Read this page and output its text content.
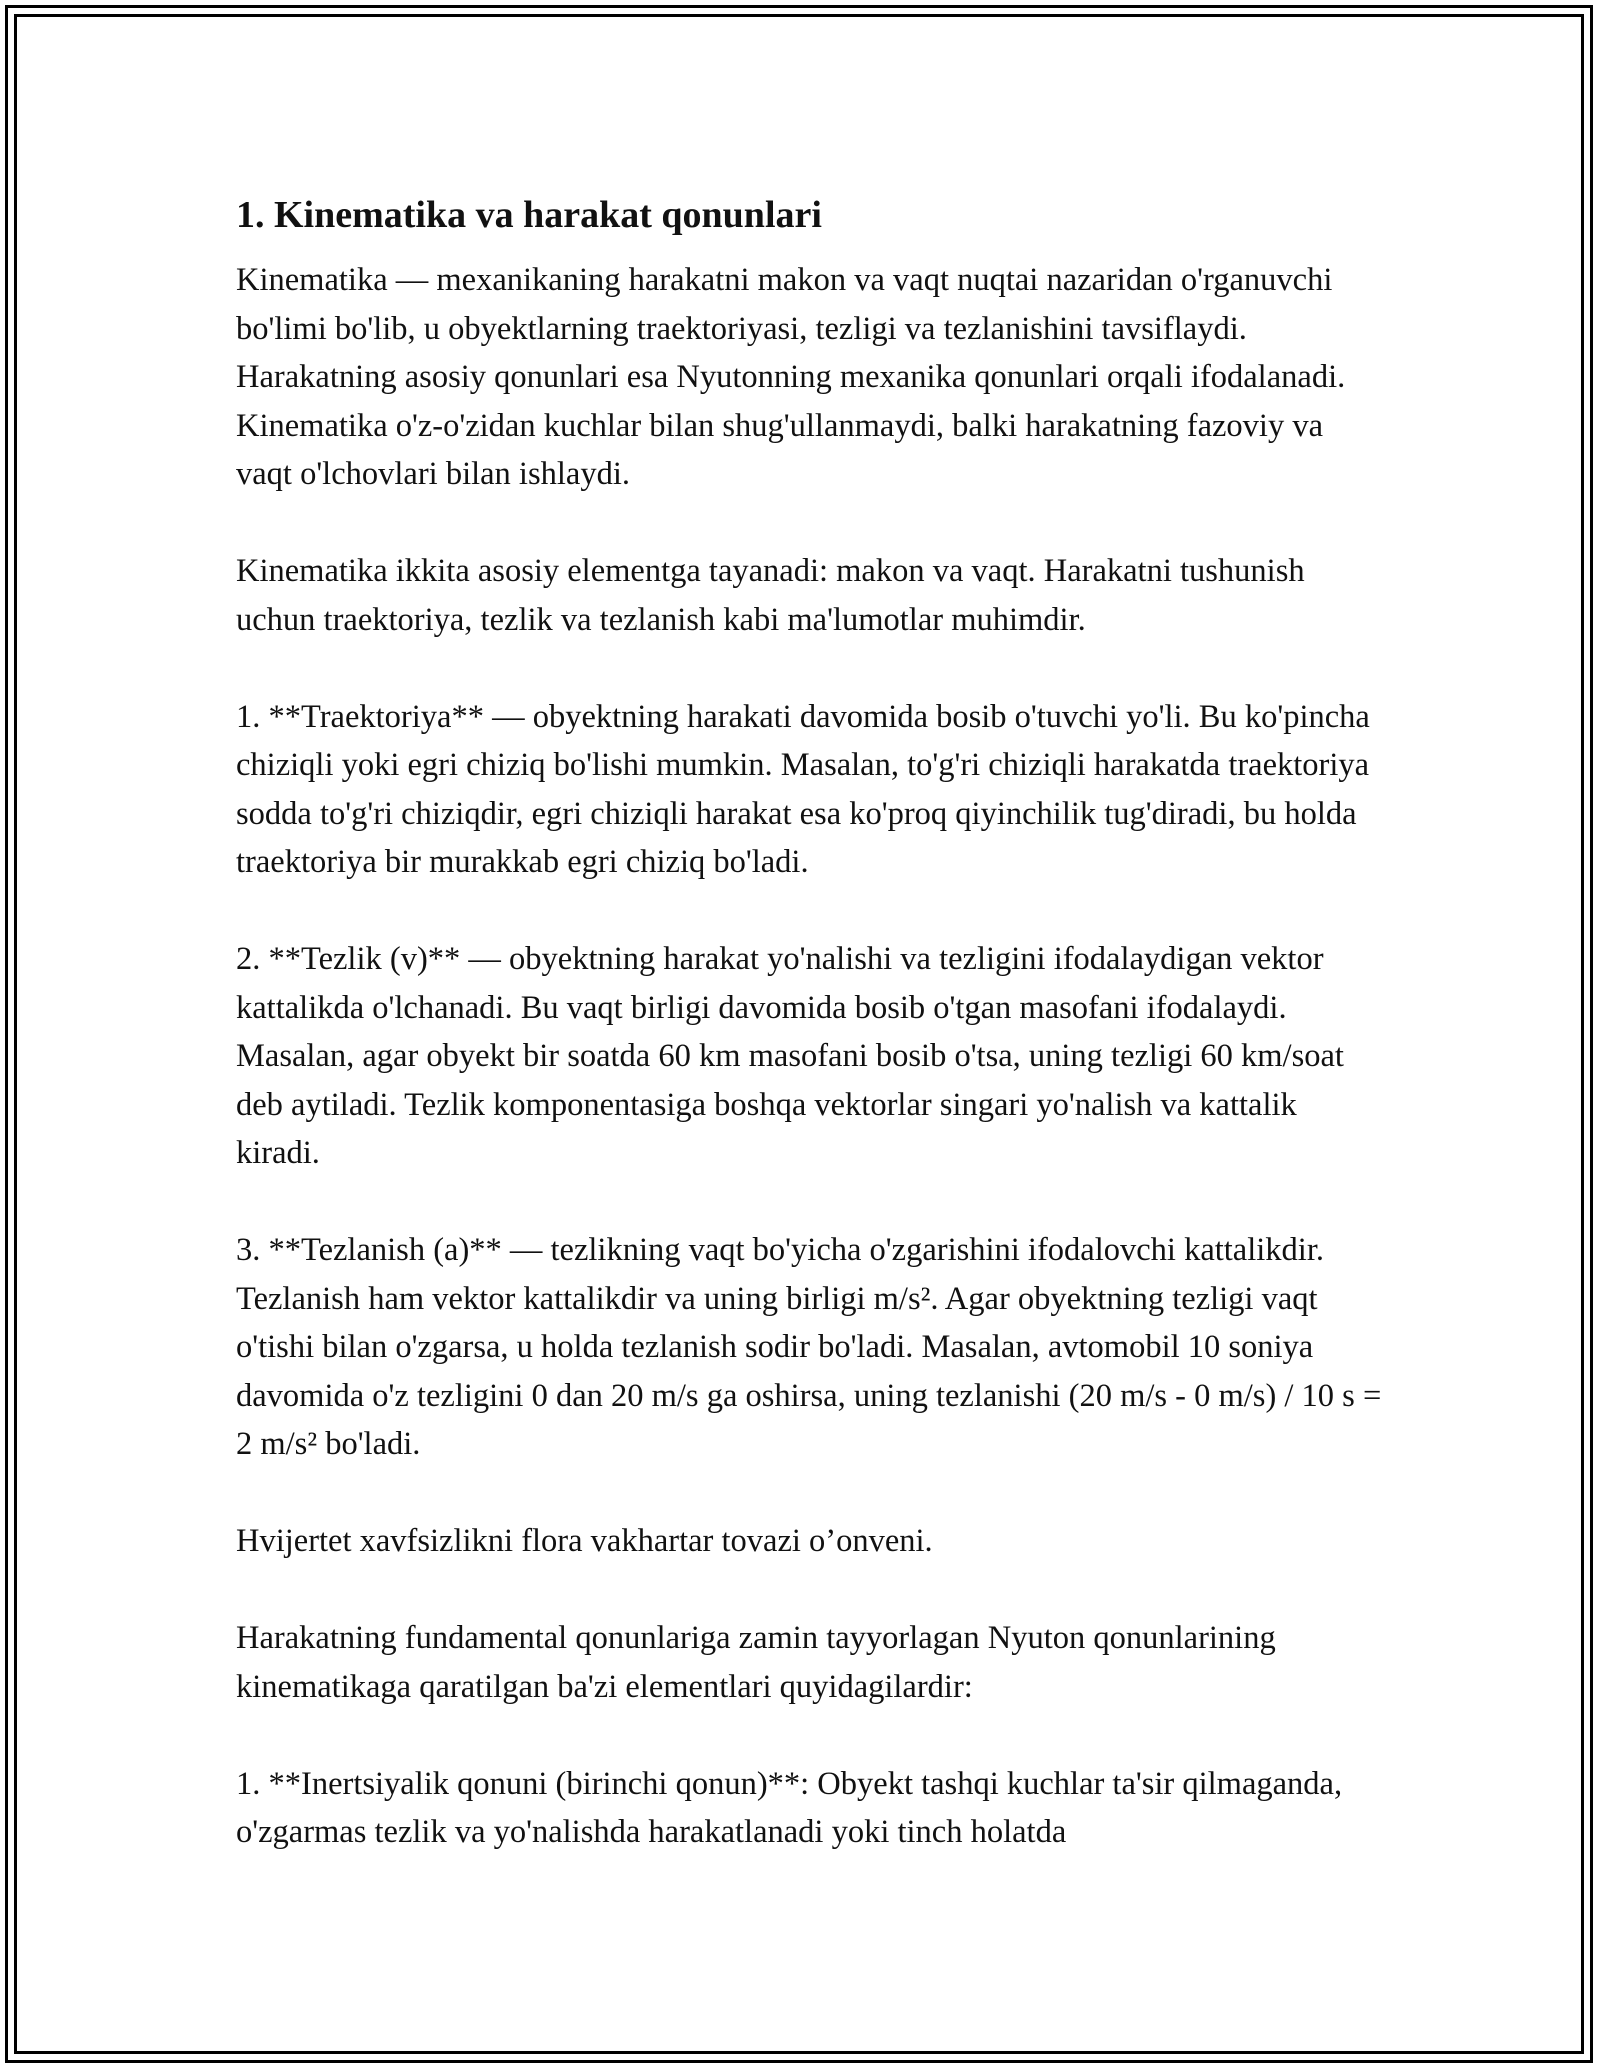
1. Kinematika va harakat qonunlari

Kinematika — mexanikaning harakatni makon va vaqt nuqtai nazaridan o'rganuvchi bo'limi bo'lib, u obyektlarning traektoriyasi, tezligi va tezlanishini tavsiflaydi. Harakatning asosiy qonunlari esa Nyutonning mexanika qonunlari orqali ifodalanadi. Kinematika o'z-o'zidan kuchlar bilan shug'ullanmaydi, balki harakatning fazoviy va vaqt o'lchovlari bilan ishlaydi.

Kinematika ikkita asosiy elementga tayanadi: makon va vaqt. Harakatni tushunish uchun traektoriya, tezlik va tezlanish kabi ma'lumotlar muhimdir.

1. **Traektoriya** — obyektning harakati davomida bosib o'tuvchi yo'li. Bu ko'pincha chiziqli yoki egri chiziq bo'lishi mumkin. Masalan, to'g'ri chiziqli harakatda traektoriya sodda to'g'ri chiziqdir, egri chiziqli harakat esa ko'proq qiyinchilik tug'diradi, bu holda traektoriya bir murakkab egri chiziq bo'ladi.

2. **Tezlik (v)** — obyektning harakat yo'nalishi va tezligini ifodalaydigan vektor kattalikda o'lchanadi. Bu vaqt birligi davomida bosib o'tgan masofani ifodalaydi. Masalan, agar obyekt bir soatda 60 km masofani bosib o'tsa, uning tezligi 60 km/soat deb aytiladi. Tezlik komponentasiga boshqa vektorlar singari yo'nalish va kattalik kiradi.

3. **Tezlanish (a)** — tezlikning vaqt bo'yicha o'zgarishini ifodalovchi kattalikdir. Tezlanish ham vektor kattalikdir va uning birligi m/s². Agar obyektning tezligi vaqt o'tishi bilan o'zgarsa, u holda tezlanish sodir bo'ladi. Masalan, avtomobil 10 soniya davomida o'z tezligini 0 dan 20 m/s ga oshirsa, uning tezlanishi (20 m/s - 0 m/s) / 10 s = 2 m/s² bo'ladi.

Hvijertet xavfsizlikni flora vakhartar tovazi o’onveni.

Harakatning fundamental qonunlariga zamin tayyorlagan Nyuton qonunlarining kinematikaga qaratilgan ba'zi elementlari quyidagilardir:

1. **Inertsiyalik qonuni (birinchi qonun)**: Obyekt tashqi kuchlar ta'sir qilmaganda, o'zgarmas tezlik va yo'nalishda harakatlanadi yoki tinch holatda
